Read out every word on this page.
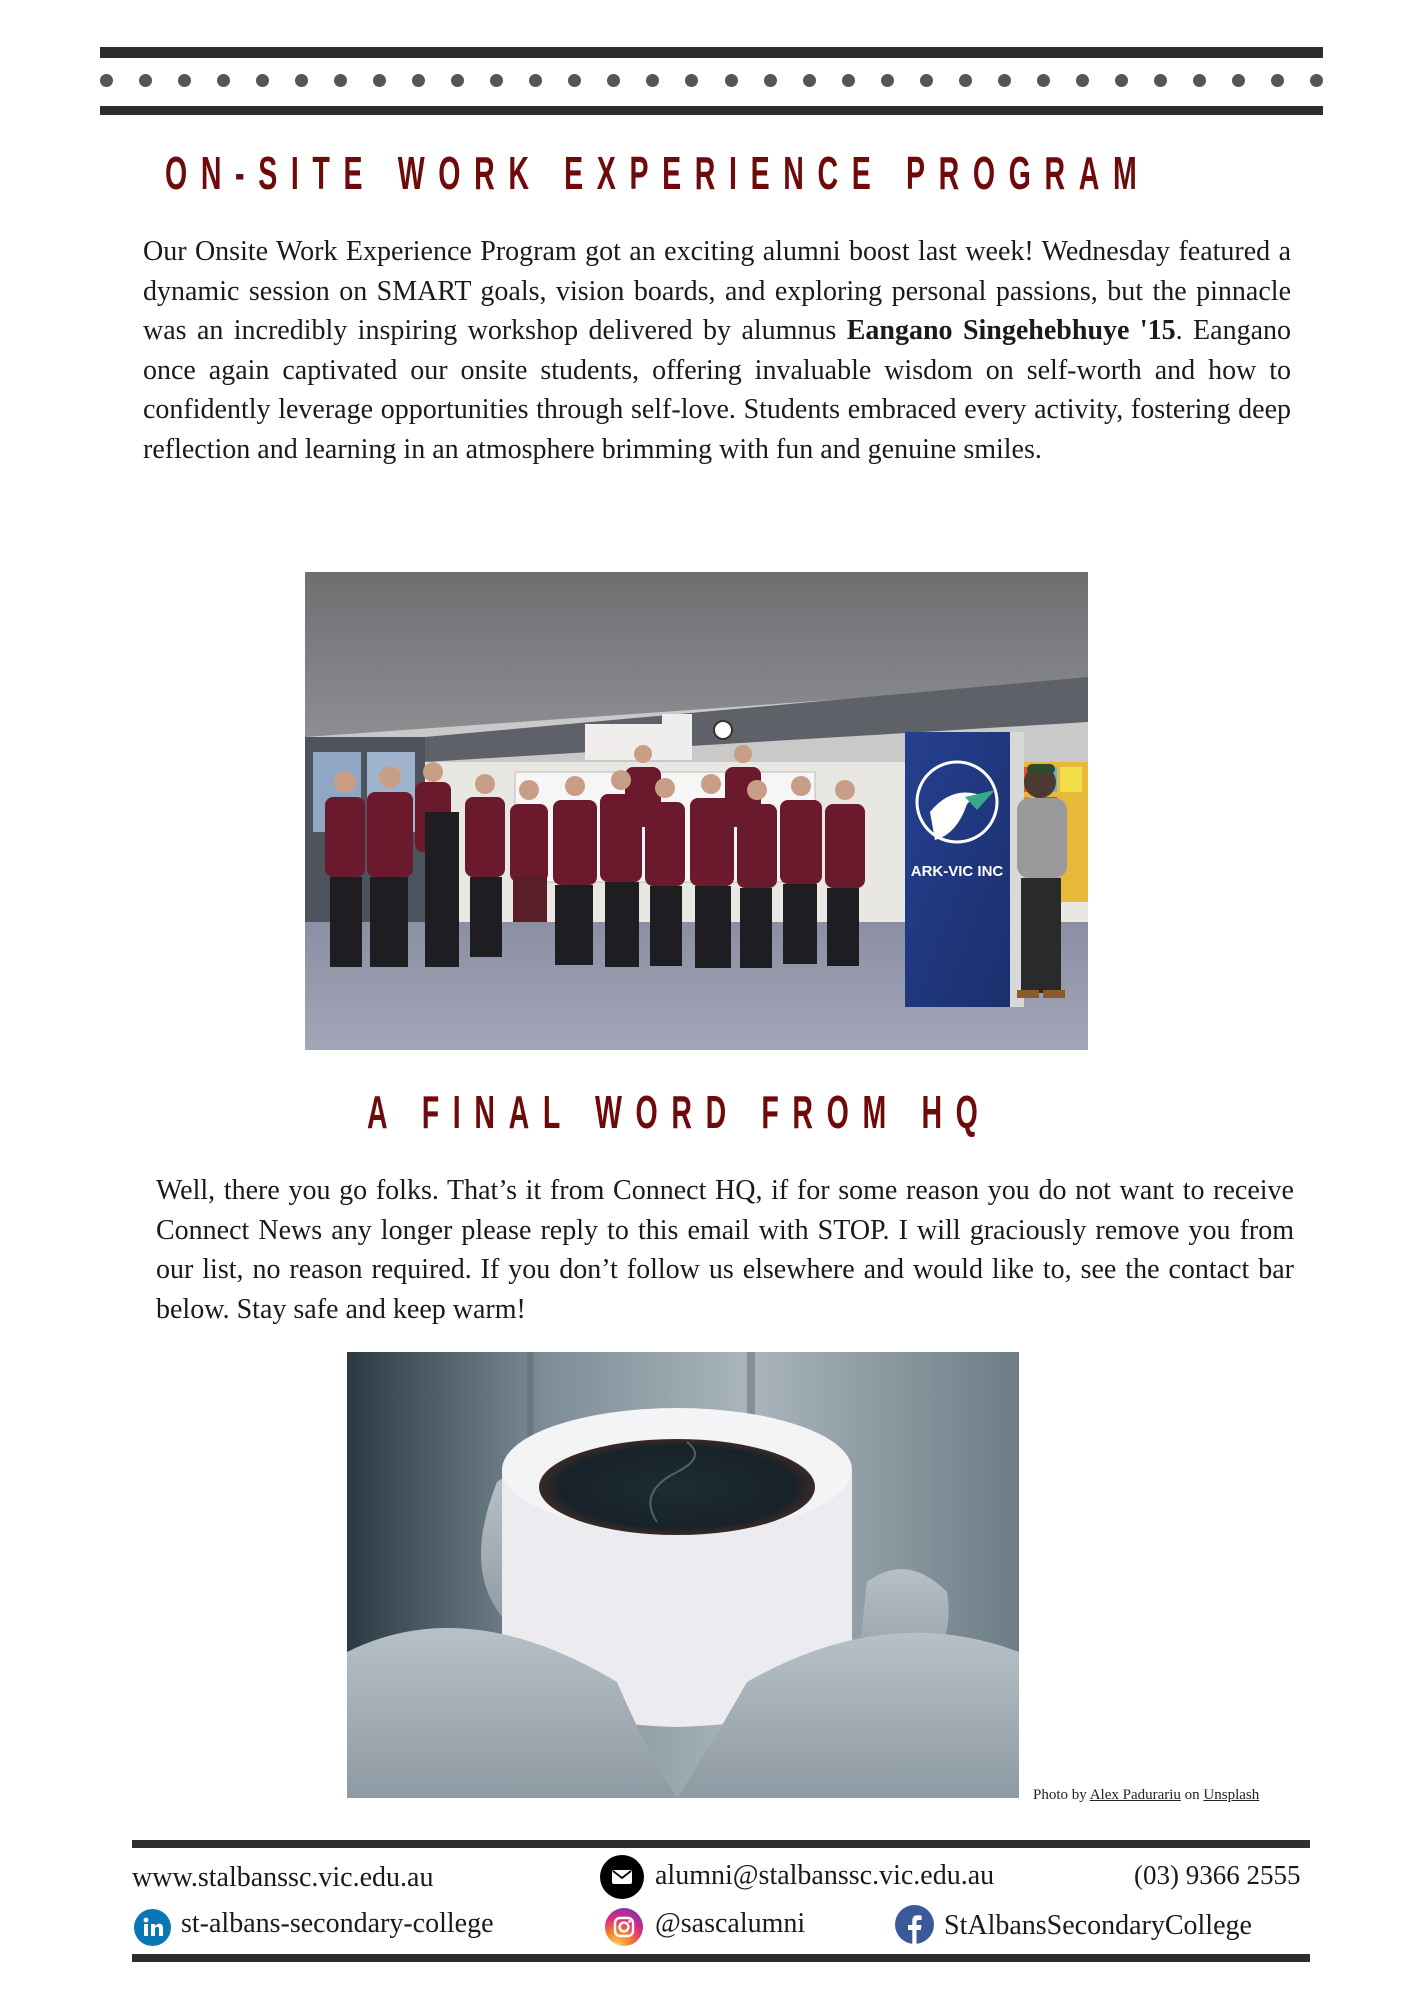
ON-SITE WORK EXPERIENCE PROGRAM

Our Onsite Work Experience Program got an exciting alumni boost last week! Wednesday featured a dynamic session on SMART goals, vision boards, and exploring personal passions, but the pinnacle was an incredibly inspiring workshop delivered by alumnus Eangano Singehebhuye '15. Eangano once again captivated our onsite students, offering invaluable wisdom on self-worth and how to confidently leverage opportunities through self-love. Students embraced every activity, fostering deep reflection and learning in an atmosphere brimming with fun and genuine smiles.

ARK-VIC INC
A FINAL WORD FROM HQ

Well, there you go folks. That’s it from Connect HQ, if for some reason you do not want to receive Connect News any longer please reply to this email with STOP. I will graciously remove you from our list, no reason required. If you don’t follow us elsewhere and would like to, see the contact bar below. Stay safe and keep warm!

Photo by Alex Padurariu on Unsplash
www.stalbanssc.vic.edu.au	alumni@stalbanssc.vic.edu.au	(03) 9366 2555
st-albans-secondary-college	@sascalumni	StAlbansSecondaryCollege
